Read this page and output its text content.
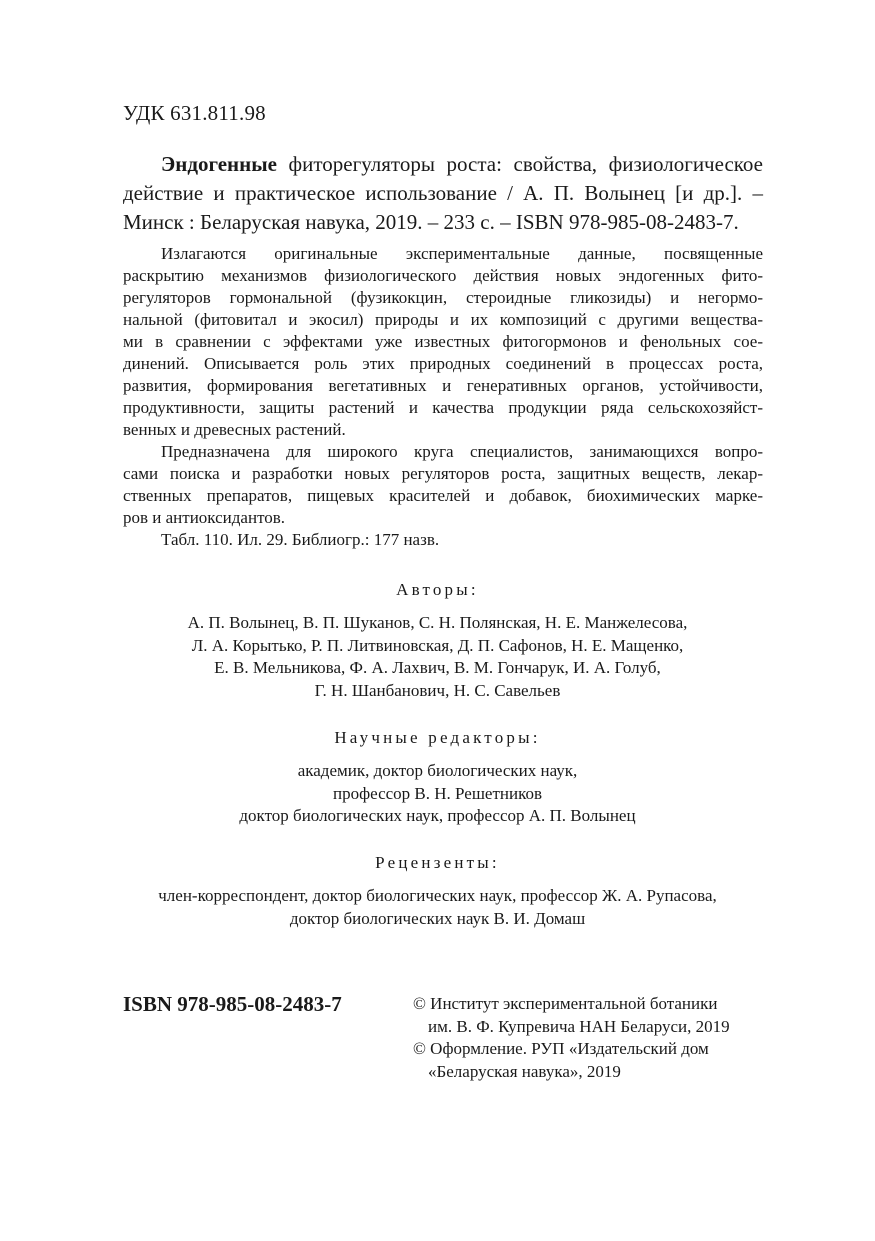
УДК 631.811.98
Эндогенные фиторегуляторы роста: свойства, физиологическое
действие и практическое использование / А. П. Волынец [и др.]. –
Минск : Беларуская навука, 2019. – 233 с. – ISBN 978-985-08-2483-7.
Излагаются оригинальные экспериментальные данные, посвященные
раскрытию механизмов физиологического действия новых эндогенных фито-
регуляторов гормональной (фузикокцин, стероидные гликозиды) и негормо-
нальной (фитовитал и экосил) природы и их композиций с другими вещества-
ми в сравнении с эффектами уже известных фитогормонов и фенольных сое-
динений. Описывается роль этих природных соединений в процессах роста,
развития, формирования вегетативных и генеративных органов, устойчивости,
продуктивности, защиты растений и качества продукции ряда сельскохозяйст-
венных и древесных растений.
Предназначена для широкого круга специалистов, занимающихся вопро-
сами поиска и разработки новых регуляторов роста, защитных веществ, лекар-
ственных препаратов, пищевых красителей и добавок, биохимических марке-
ров и антиоксидантов.
Табл. 110. Ил. 29. Библиогр.: 177 назв.
Авторы:
А. П. Волынец, В. П. Шуканов, С. Н. Полянская, Н. Е. Манжелесова,
Л. А. Корытько, Р. П. Литвиновская, Д. П. Сафонов, Н. Е. Мащенко,
Е. В. Мельникова, Ф. А. Лахвич, В. М. Гончарук, И. А. Голуб,
Г. Н. Шанбанович, Н. С. Савельев
Научные редакторы:
академик, доктор биологических наук,
профессор В. Н. Решетников
доктор биологических наук, профессор А. П. Волынец
Рецензенты:
член-корреспондент, доктор биологических наук, профессор Ж. А. Рупасова,
доктор биологических наук В. И. Домаш
ISBN 978-985-08-2483-7	© Институт экспериментальной ботаники
им. В. Ф. Купревича НАН Беларуси, 2019
© Оформление. РУП «Издательский дом
«Беларуская навука», 2019
